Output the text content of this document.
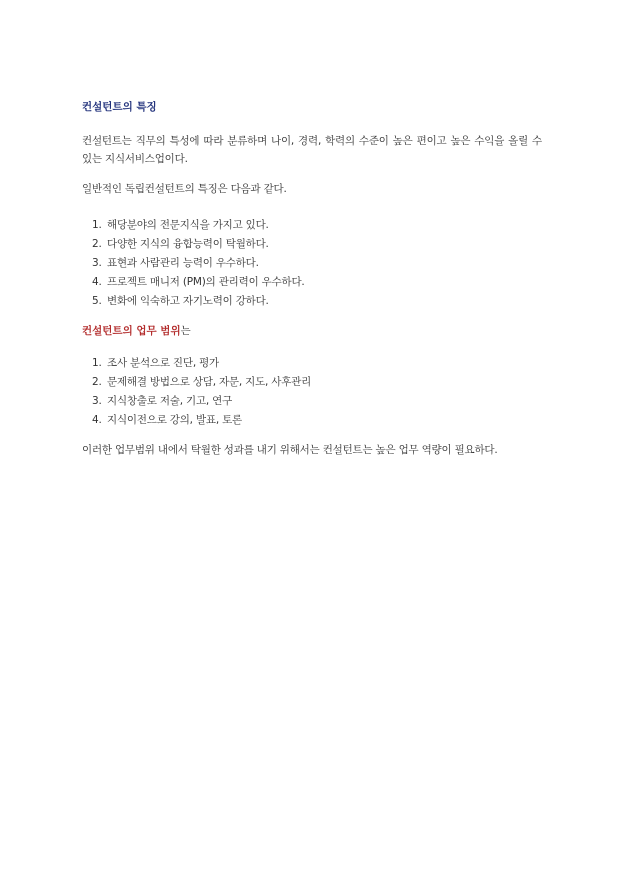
컨설턴트의 특징
컨설턴트는 직무의 특성에 따라 분류하며 나이, 경력, 학력의 수준이 높은 편이고 높은 수익을 올릴 수 있는 지식서비스업이다.
일반적인 독립컨설턴트의 특징은 다음과 같다.
1. 해당분야의 전문지식을 가지고 있다.
2. 다양한 지식의 융합능력이 탁월하다.
3. 표현과 사람관리 능력이 우수하다.
4. 프로젝트 매니저 (PM)의 관리력이 우수하다.
5. 변화에 익숙하고 자기노력이 강하다.
컨설턴트의 업무 범위는
1. 조사 분석으로 진단, 평가
2. 문제해결 방법으로 상담, 자문, 지도, 사후관리
3. 지식창출로 저술, 기고, 연구
4. 지식이전으로 강의, 발표, 토론
이러한 업무범위 내에서 탁월한 성과를 내기 위해서는 컨설턴트는 높은 업무 역량이 필요하다.
